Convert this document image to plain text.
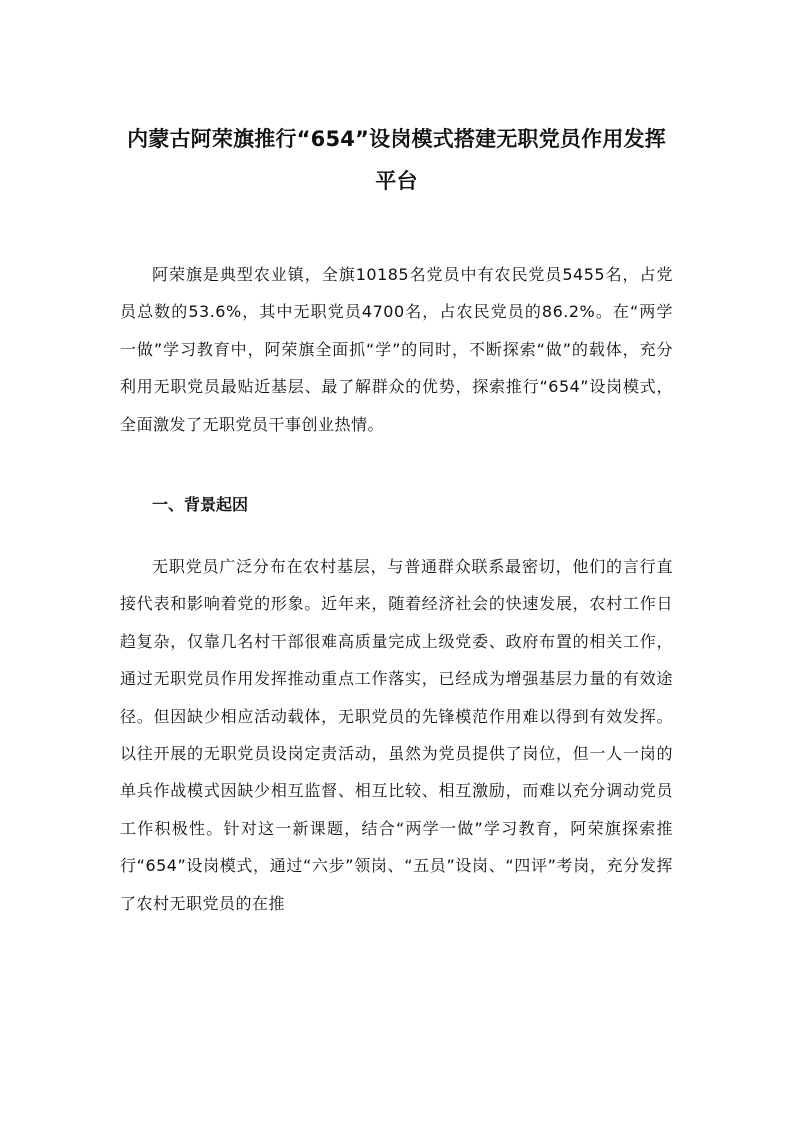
内蒙古阿荣旗推行“654”设岗模式搭建无职党员作用发挥平台

阿荣旗是典型农业镇，全旗10185名党员中有农民党员5455名，占党员总数的53.6%，其中无职党员4700名，占农民党员的86.2%。在“两学一做”学习教育中，阿荣旗全面抓“学”的同时，不断探索“做”的载体，充分利用无职党员最贴近基层、最了解群众的优势，探索推行“654”设岗模式，全面激发了无职党员干事创业热情。

一、背景起因

无职党员广泛分布在农村基层，与普通群众联系最密切，他们的言行直接代表和影响着党的形象。近年来，随着经济社会的快速发展，农村工作日趋复杂，仅靠几名村干部很难高质量完成上级党委、政府布置的相关工作，通过无职党员作用发挥推动重点工作落实，已经成为增强基层力量的有效途径。但因缺少相应活动载体，无职党员的先锋模范作用难以得到有效发挥。以往开展的无职党员设岗定责活动，虽然为党员提供了岗位，但一人一岗的单兵作战模式因缺少相互监督、相互比较、相互激励，而难以充分调动党员工作积极性。针对这一新课题，结合“两学一做”学习教育，阿荣旗探索推行“654”设岗模式，通过“六步”领岗、“五员”设岗、“四评”考岗，充分发挥了农村无职党员的在推
